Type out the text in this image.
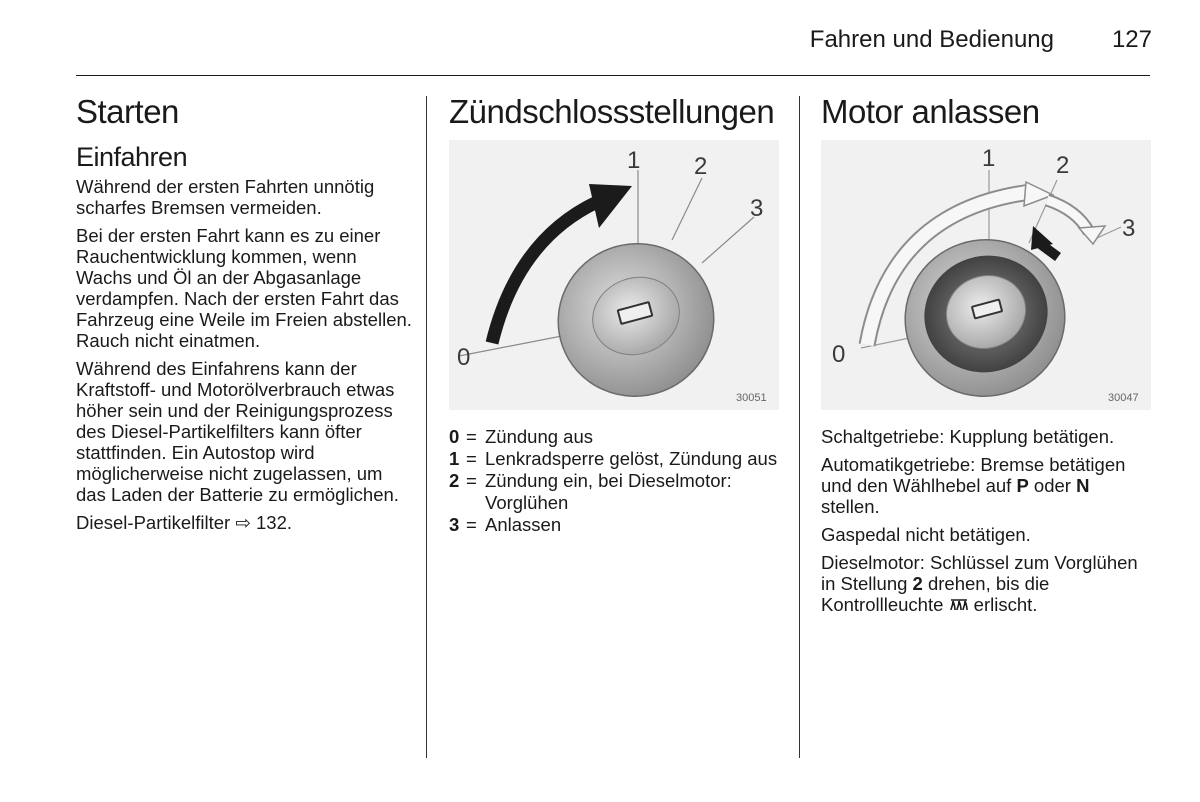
Fahren und Bedienung 127
Starten
Einfahren

Während der ersten Fahrten unnötig scharfes Bremsen vermeiden.

Bei der ersten Fahrt kann es zu einer Rauchentwicklung kommen, wenn Wachs und Öl an der Abgasanlage verdampfen. Nach der ersten Fahrt das Fahrzeug eine Weile im Freien abstellen. Rauch nicht einatmen.

Während des Einfahrens kann der Kraftstoff- und Motorölverbrauch etwas höher sein und der Reinigungsprozess des Diesel-Partikelfilters kann öfter stattfinden. Ein Autostop wird möglicherweise nicht zugelassen, um das Laden der Batterie zu ermöglichen.

Diesel-Partikelfilter ⇨ 132.

Zündschlossstellungen
0
1 2
3
30051
0 = Zündung aus
1 = Lenkradsperre gelöst, Zündung aus
2 = Zündung ein, bei Dieselmotor: Vorglühen
3 = Anlassen
Motor anlassen
0
1	2
3
30047

Schaltgetriebe: Kupplung betätigen.

Automatikgetriebe: Bremse betätigen und den Wählhebel auf P oder N stellen.

Gaspedal nicht betätigen.

Dieselmotor: Schlüssel zum Vorglühen in Stellung 2 drehen, bis die Kontrollleuchte  erlischt.
